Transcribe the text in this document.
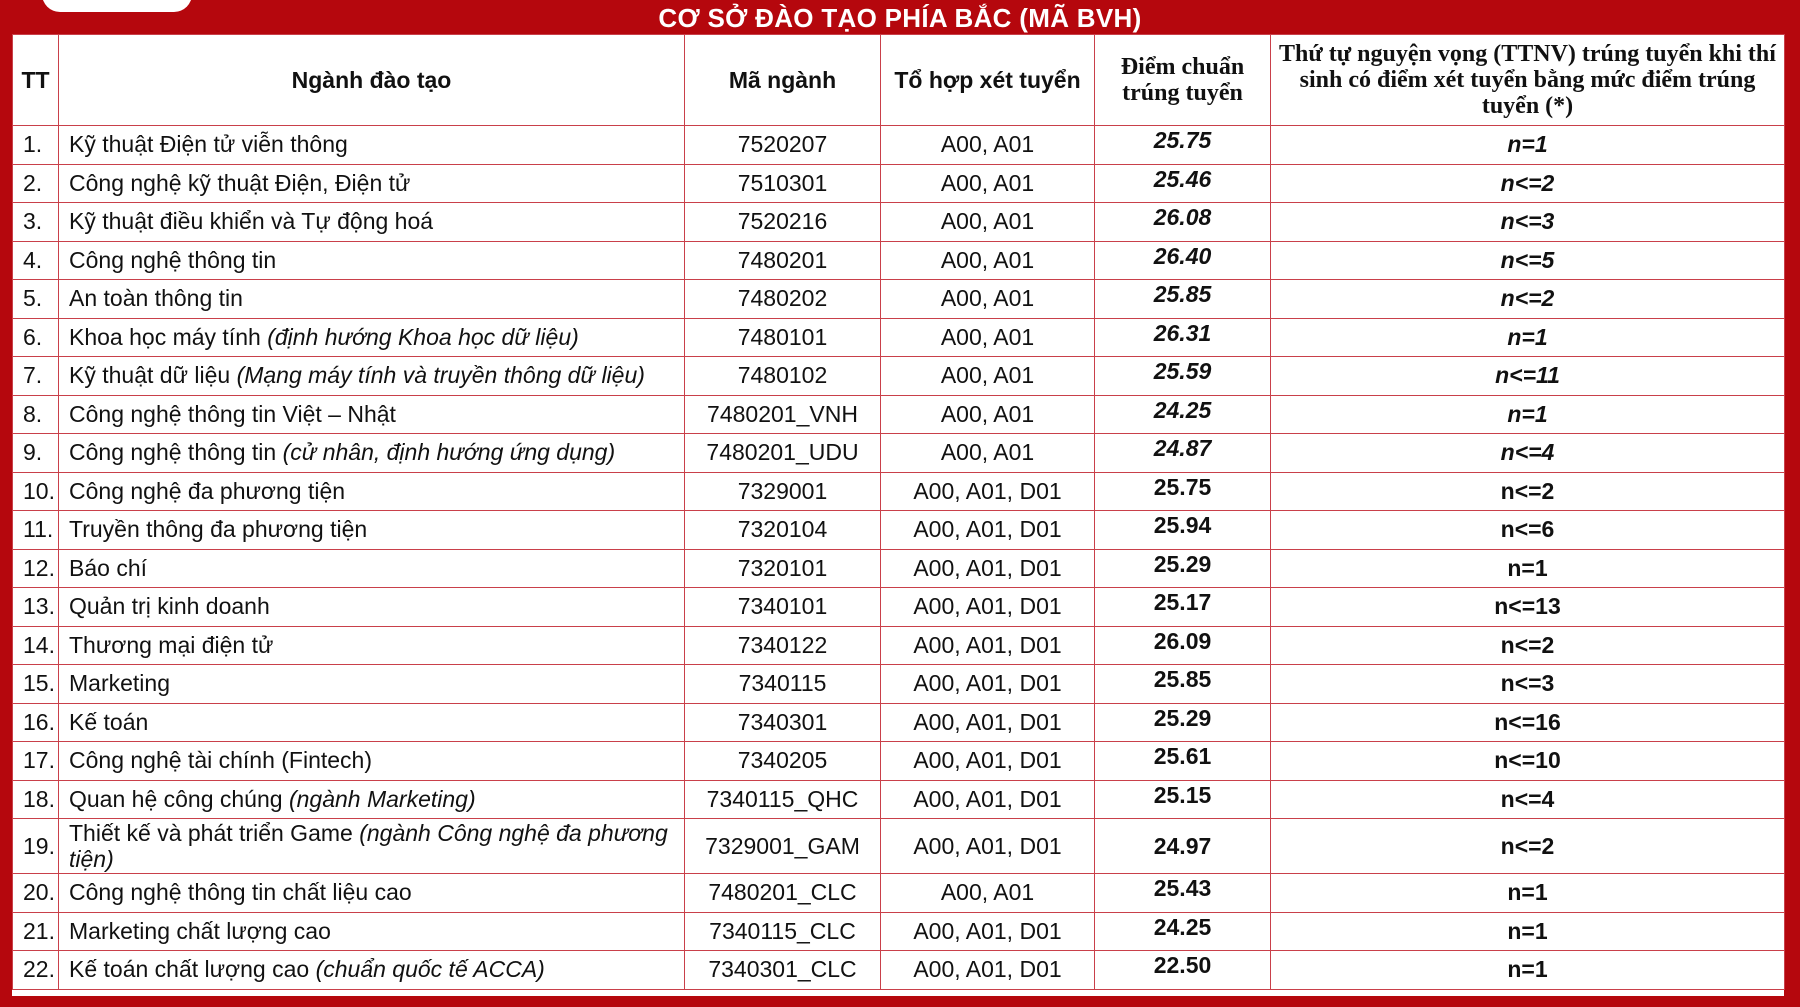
CƠ SỞ ĐÀO TẠO PHÍA BẮC (MÃ BVH)
TT	Ngành đào tạo	Mã ngành	Tổ hợp xét tuyển	Điểm chuẩn trúng tuyển	Thứ tự nguyện vọng (TTNV) trúng tuyển khi thí sinh có điểm xét tuyển bằng mức điểm trúng tuyển (*)
1.	Kỹ thuật Điện tử viễn thông	7520207	A00, A01	25.75	n=1
2.	Công nghệ kỹ thuật Điện, Điện tử	7510301	A00, A01	25.46	n<=2
3.	Kỹ thuật điều khiển và Tự động hoá	7520216	A00, A01	26.08	n<=3
4.	Công nghệ thông tin	7480201	A00, A01	26.40	n<=5
5.	An toàn thông tin	7480202	A00, A01	25.85	n<=2
6.	Khoa học máy tính (định hướng Khoa học dữ liệu)	7480101	A00, A01	26.31	n=1
7.	Kỹ thuật dữ liệu (Mạng máy tính và truyền thông dữ liệu)	7480102	A00, A01	25.59	n<=11
8.	Công nghệ thông tin Việt – Nhật	7480201_VNH	A00, A01	24.25	n=1
9.	Công nghệ thông tin (cử nhân, định hướng ứng dụng)	7480201_UDU	A00, A01	24.87	n<=4
10.	Công nghệ đa phương tiện	7329001	A00, A01, D01	25.75	n<=2
11.	Truyền thông đa phương tiện	7320104	A00, A01, D01	25.94	n<=6
12.	Báo chí	7320101	A00, A01, D01	25.29	n=1
13.	Quản trị kinh doanh	7340101	A00, A01, D01	25.17	n<=13
14.	Thương mại điện tử	7340122	A00, A01, D01	26.09	n<=2
15.	Marketing	7340115	A00, A01, D01	25.85	n<=3
16.	Kế toán	7340301	A00, A01, D01	25.29	n<=16
17.	Công nghệ tài chính (Fintech)	7340205	A00, A01, D01	25.61	n<=10
18.	Quan hệ công chúng (ngành Marketing)	7340115_QHC	A00, A01, D01	25.15	n<=4
19.	Thiết kế và phát triển Game (ngành Công nghệ đa phương tiện)	7329001_GAM	A00, A01, D01	24.97	n<=2
20.	Công nghệ thông tin chất liệu cao	7480201_CLC	A00, A01	25.43	n=1
21.	Marketing chất lượng cao	7340115_CLC	A00, A01, D01	24.25	n=1
22.	Kế toán chất lượng cao (chuẩn quốc tế ACCA)	7340301_CLC	A00, A01, D01	22.50	n=1
